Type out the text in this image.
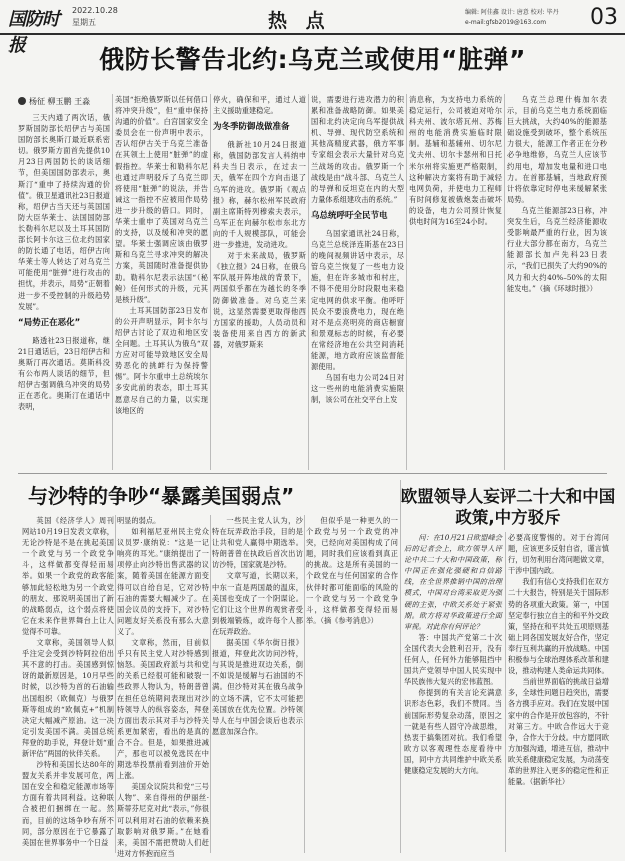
国防时报
2022.10.28
星期五	热 点	编辑: 阿佳鑫 设计: 唐意 校对: 毕丹
e-mail:gfsb2019@163.com	03
俄防长警告北约:乌克兰或使用“脏弹”
杨征 柳玉鹏 王淼

三天内通了两次话，俄罗斯国防部长绍伊古与美国国防部长奥斯汀最近联系密切。俄罗斯方面首先提供10月23日两国防长的谈话细节，但美国国防部表示，奥斯汀“重申了持续沟通的价值”。俄卫星通讯社23日报道称，绍伊古当天还与英国国防大臣华莱士、法国国防部长勒科尔尼以及土耳其国防部长阿卡尔这三位北约国家的防长通了电话，绍伊古向华莱士等人转达了对乌克兰可能使用“脏弹”进行攻击的担忧，并表示，局势“正朝着进一步不受控制的升级趋势发展”。

“局势正在恶化”

路透社23日报道称，继21日通话后，23日绍伊古和奥斯汀再次通话。莫斯科没有公布两人谈话的细节，但绍伊古强调俄乌冲突的局势正在恶化。奥斯汀在通话中表明，

美国“拒绝俄罗斯以任何借口将冲突升级”，但“重申保持沟通的价值”。白宫国家安全委员会在一份声明中表示，否认绍伊古关于乌克兰准备在其领土上使用“脏弹”的虚假指控。华莱士和勒科尔尼也通过声明驳斥了乌克兰即将使用“脏弹”的说法，并告诫这一指控不应被用作局势进一步升级的借口。同时，华莱士重申了英国对乌克兰的支持，以及缓和冲突的愿望。华莱士强调应该由俄罗斯和乌克兰寻求冲突的解决方案，英国随时准备提供协助。勒科尔尼表示法国“（秘鲍）任何形式的升级，元其是核升级”。

土耳其国防部23日发布的公开声明显示，阿卡尔与绍伊古讨论了双边和地区安全问题。土耳其认为俄乌“双方应对可能导致地区安全局势恶化的挑衅行为保持警惕”。阿卡尔重申土总统埃尔多安此前的表态，即土耳其愿意尽自己的力量，以实现该地区的

停火，确保和平，通过人道主义援助重建稳定。

为冬季防御战做准备

俄新社10月24日报道称，俄国防部发言人科纳申科夫当日表示，在过去一天，俄军在四个方向击退了乌军的进攻。俄罗斯《观点报》称，赫尔松州军民政府副主席斯特列穆索夫表示，乌军正在向赫尔松市东北方向的千人规模部队，可能会进一步推进，发动进攻。

对于未来战局，俄罗斯《独立报》24日称，在俄乌军队展开阵地战的背景下，两国似乎都在为越长的冬季防御做准备。对乌克兰来说，这显然需要更取得他西方国家的援助，人员动员和装备使用来自西方的新武器，对俄罗斯来

说，需要进行进攻潜力的积累和准备战略防御。如果美国和北约决定向乌军提供战机、导弹、现代防空系统和其他高精度武器，俄方军事专家组会表示大量针对乌克兰战场的攻击。俄罗斯一个战线是由“战斗部、乌克兰人的导弹和反坦克在内的大型力量体系组建攻击的系统。”

乌总统呼吁全民节电

乌国家通讯社24日称，乌克兰总统泽连斯基在23日的晚间视频讲话中表示，尽管乌克兰恢复了一些电力设施，但在许多城市和村庄，不得不使用分时段限电来稳定电网的供求平衡。他呼吁民众不要浪费电力，现在绝对不是点亮明亮的商店橱窗和景观标志的时候，有必要在常经济地在公共空间消耗能源，地方政府应该监督能源使用。

乌国有电力公司24日对这一些州的电能消费实施限制，该公司在社交平台上发

消息称，为支持电力系统的稳定运行，公司被迫对哈尔科夫州、波尔塔瓦州、苏梅州的电能消费实施临时限制。基辅和基辅州、切尔尼戈夫州、切尔卡瑟州和日托米尔州将实施更严格限制，这种解决方案将有助于减轻电网负荷，并使电力工程师有时间修复被俄炮轰击破坏的设备，电力公司预计恢复供电时间为16至24小时。

乌克兰总理什梅加尔表示，目前乌克兰电力系统面临巨大挑战，大约40%的能源基础设施受到破坏，整个系统压力很大，能源工作者正在分秒必争地维修，乌克兰人应该节约用电，增加发电量和进口电力。在首都基辅，当地政府预计将依靠定时停电来缓解紧张局势。

乌克兰能源部23日称，冲突发生后，乌克兰经济能源收受影响最严重的行业，因为该行业大部分都在南方，乌克兰能源部长加卢先科23日表示，“我们已损失了大约90%的风力和大约40%–50%的太阳能发电。”（摘《环球时报》）

与沙特的争吵“暴露美国弱点”

英国《经济学人》周刊网站10月19日发表文章称，无论沙特是不是在挑起美国一个政党与另一个政党争斗，这样做都变得轻而易举。如果一个政党的政客能够加此轻松地为另一个政党的朋友、那说明美国出了新的战略弱点，这个弱点将使它在未来作世界舞台上让人觉得不可靠。

文章称，美国领导人似乎注定会受到沙特阿拉伯出其不意的打击。美国感到惊讶的最新原因是，10月早些时候，以沙特为首的石油输出国组织（欧佩克）与俄罗斯等组成的“欧佩克+”机制决定大幅减产原油。这一决定引发美国不满。美国总统拜登的助手说，拜登计划“重新评估”两国的伙伴关系。

沙特和美国长达80年的盟友关系并非发展可危，两国在安全和稳定能源市场等方面有着共同利益。这种联合被把们捆绑在一起。然而，目前的这场争吵有所不同，部分原因在于它暴露了美国在世界事务中一个日益

明显的弱点。

如利福尼亚州民主党众议员罗·康纳说：“这是一记响亮的耳光。”康纳提出了一项停止向沙特出售武器的议案，随着美国在能源方面变得可以自给自足，它对沙特石油的需要大幅减少了。在国会议员的支持下，对沙特问题友好关系没有那么大意义了。

文章称，然而，目前似乎只有民主党人对沙特感到恼怒。美国政府派与共和党的关系已经很可能和破裂一些政界人物认为，特朗普曾在担任总统期间表现出对沙特领导人的纵容姿态，拜登方面出表示其对手与沙特关系更加紧密，看出的是真的合不合。但是，如果推进减产，那也可以被免选民在中期选举投票前看到油价开始上涨。

美国众议院共和党“三号人物”、来自得州的伊丽丝·斯蒂芬尼克对此“表示，”你很可以利用对石油的依赖来换取影响对俄罗斯。”在她看来，美国不需把赞助人们赶进对方怀抱而应当

一些民主党人认为，沙特在玩弄政治手段，目的是让共和党人赢得中期选举。特朗普曾在执政后首次出访访沙特，国家就是沙特。

文章写道，长期以来，中东一直是两国最的温床，美国也变成了一个阴谋论。它们让这个世界的观赏者受到极端锻炼，或许每个人都在玩弄政治。

据美国《华尔街日报》报道，拜登此次访问沙特，与其说是推进双边关系，倒不如说是缓解与石油国的不满。但沙特对其在俄乌战争的立场不满，它不太可能把美国放在优先位置。沙特领导人在与中国会谈后也表示愿意加深合作。

但似乎是一种更久的一个政党与另一个政党的冲突，已经向对美国构成了问题，同时我们应该看到真正的挑战。这是所有美国的一个政党在与任何国家的合作伙伴时都可能面临的风险的一个政党与另一个政党争斗，这样做都变得轻而易举。（摘《参考消息》）

欧盟领导人妄评二十大和中国政策,中方驳斥

问：在10月21日欧盟峰会后的记者会上，欧方领导人评论中共二十大和中国政策，称中国正在强化强硬和自信路线，在全世界推销中国的治理模式，中国对台湾采取更为强硬的主张，中欧关系处于紧张期。欧方将对华政策进行全面审视。对此你有何评论？

答：中国共产党第二十次全国代表大会胜利召开，没有任何人，任何外力能够阻挡中国共产党领导中国人民实现中华民族伟大复兴的宏伟蓝图。

你提到的有关言论充满意识形态色彩，我们不赞同。当前国际形势复杂动荡，原因之一就是有些人固守冷战思维，热衷于搞集团对抗。我们希望欧方以客观理性态度看待中国，同中方共同维护中欧关系健康稳定发展的大方向。

必要高度警惕的。对于台湾问题，应该更多反射自省，谨言慎行，切勿利用台湾问题做文章，干涉中国内政。

我们有信心支持我们在双方二十大报告，特别是关于国际形势的各项重大政策。第一，中国坚定奉行独立自主的和平外交政策，坚持在和平共处五项原则基础上同各国发展友好合作，坚定奉行互利共赢的开放战略。中国积极参与全球治理体系改革和建设，推动构建人类命运共同体。

当前世界面临的挑战日益增多，全球性问题日趋突出，需要各方携手应对。我们在发展中国家中的合作是开放包容的，不针对第三方。中欧合作远大于竞争，合作大于分歧。中方愿同欧方加强沟通，增进互信，推动中欧关系健康稳定发展，为动荡变革的世界注入更多的稳定性和正能量。（据新华社）
